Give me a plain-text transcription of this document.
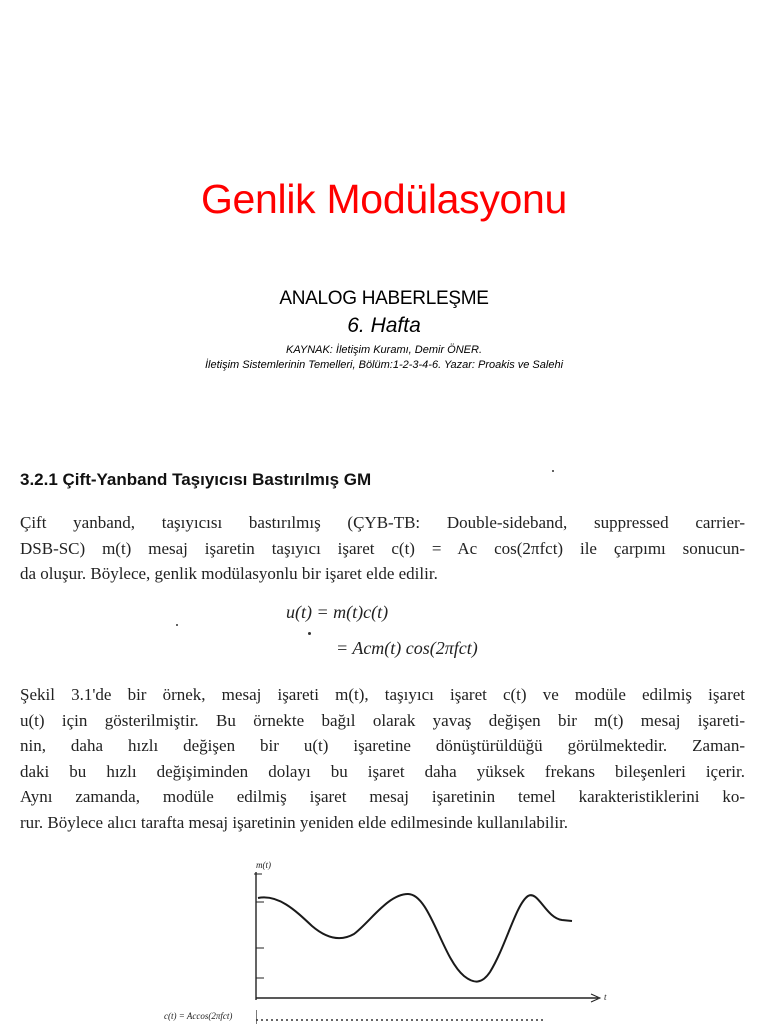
Genlik Modülasyonu
ANALOG HABERLEŞME
6. Hafta
KAYNAK: İletişim Kuramı, Demir ÖNER.
İletişim Sistemlerinin Temelleri, Bölüm:1-2-3-4-6. Yazar: Proakis ve Salehi
3.2.1 Çift-Yanband Taşıyıcısı Bastırılmış GM
Çift yanband, taşıyıcısı bastırılmış (ÇYB-TB: Double-sideband, suppressed carrier-
DSB-SC) m(t) mesaj işaretin taşıyıcı işaret c(t) = Ac cos(2πfct) ile çarpımı sonucun-
da oluşur. Böylece, genlik modülasyonlu bir işaret elde edilir.
u(t) = m(t)c(t)
= Acm(t) cos(2πfct)
Şekil 3.1'de bir örnek, mesaj işareti m(t), taşıyıcı işaret c(t) ve modüle edilmiş işaret
u(t) için gösterilmiştir. Bu örnekte bağıl olarak yavaş değişen bir m(t) mesaj işareti-
nin, daha hızlı değişen bir u(t) işaretine dönüştürüldüğü görülmektedir. Zaman-
daki bu hızlı değişiminden dolayı bu işaret daha yüksek frekans bileşenleri içerir.
Aynı zamanda, modüle edilmiş işaret mesaj işaretinin temel karakteristiklerini ko-
rur. Böylece alıcı tarafta mesaj işaretinin yeniden elde edilmesinde kullanılabilir.
m(t)
t
c(t) = Accos(2πfct)
